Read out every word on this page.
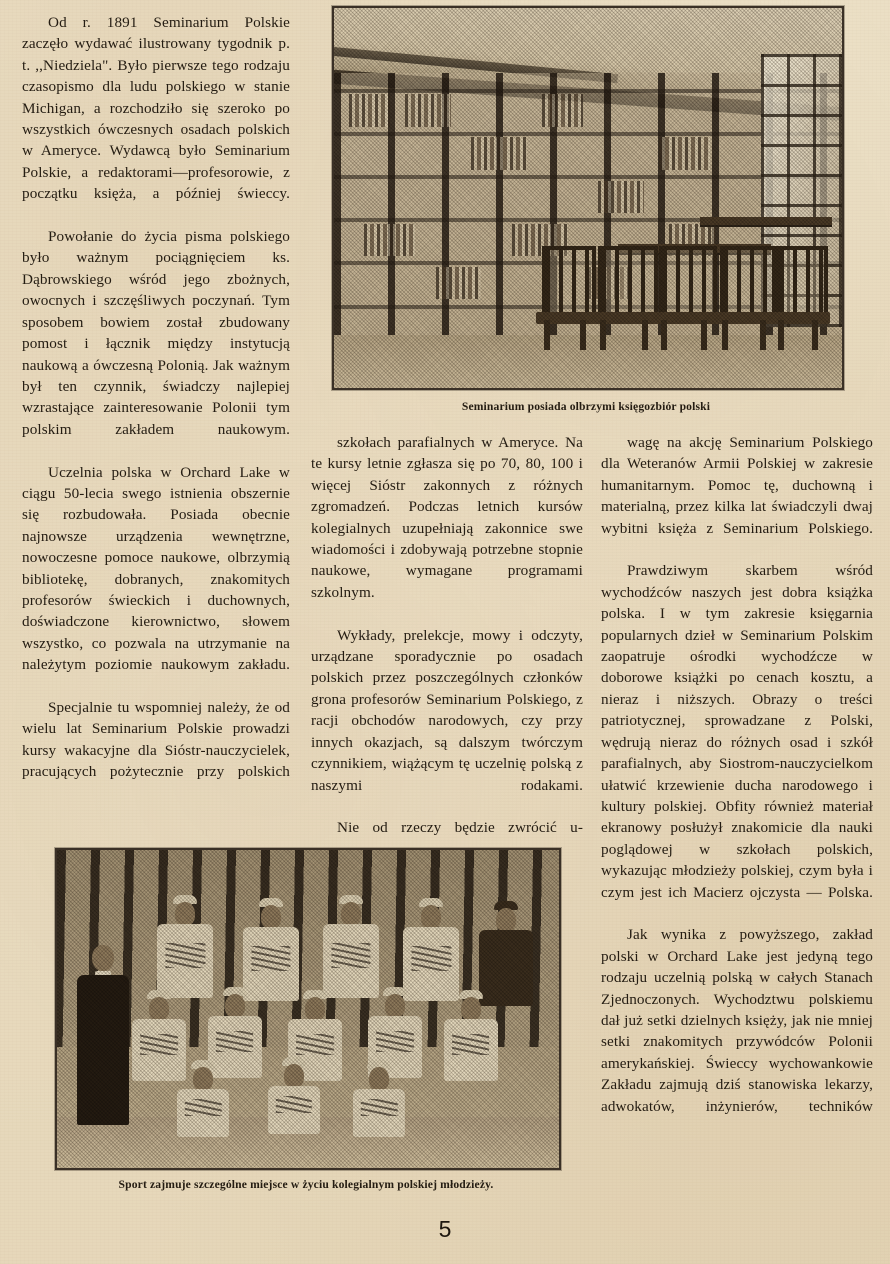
Od r. 1891 Seminarium Polskie zaczęło wydawać ilustrowany tygodnik p. t. ,,Niedziela". Było pierwsze tego rodzaju czasopismo dla ludu polskiego w stanie Michigan, a rozchodziło się szeroko po wszystkich ówczesnych osadach polskich w Ameryce. Wydawcą było Seminarium Polskie, a redaktorami—profesorowie, z początku księża, a później świeccy.

Powołanie do życia pisma polskiego było ważnym pociągnięciem ks. Dąbrowskiego wśród jego zbożnych, owocnych i szczęśliwych poczynań. Tym sposobem bowiem został zbudowany pomost i łącznik między instytucją naukową a ówczesną Polonią. Jak ważnym był ten czynnik, świadczy najlepiej wzrastające zainteresowanie Polonii tym polskim zakładem naukowym.

Uczelnia polska w Orchard Lake w ciągu 50-lecia swego istnienia obszernie się rozbudowała. Posiada obecnie najnowsze urządzenia wewnętrzne, nowoczesne pomoce naukowe, olbrzymią bibliotekę, dobranych, znakomitych profesorów świeckich i duchownych, doświadczone kierownictwo, słowem wszystko, co pozwala na utrzymanie na należytym poziomie naukowym zakładu.

Specjalnie tu wspomniej należy, że od wielu lat Seminarium Polskie prowadzi kursy wakacyjne dla Sióstr-nauczycielek, pracujących pożytecznie przy polskich

Seminarium posiada olbrzymi księgozbiór polski

szkołach parafialnych w Ameryce. Na te kursy letnie zgłasza się po 70, 80, 100 i więcej Sióstr zakonnych z różnych zgromadzeń. Podczas letnich kursów kolegialnych uzupełniają zakonnice swe wiadomości i zdobywają potrzebne stopnie naukowe, wymagane programami szkolnym.

Wykłady, prelekcje, mowy i odczyty, urządzane sporadycznie po osadach polskich przez poszczególnych członków grona profesorów Seminarium Polskiego, z racji obchodów narodowych, czy przy innych okazjach, są dalszym twórczym czynnikiem, wiążącym tę uczelnię polską z naszymi rodakami.

Nie od rzeczy będzie zwrócić u-

wagę na akcję Seminarium Polskiego dla Weteranów Armii Polskiej w zakresie humanitarnym. Pomoc tę, duchowną i materialną, przez kilka lat świadczyli dwaj wybitni księża z Seminarium Polskiego.

Prawdziwym skarbem wśród wychodźców naszych jest dobra książka polska. I w tym zakresie księgarnia popularnych dzieł w Seminarium Polskim zaopatruje ośrodki wychodźcze w doborowe książki po cenach kosztu, a nieraz i niższych. Obrazy o treści patriotycznej, sprowadzane z Polski, wędrują nieraz do różnych osad i szkół parafialnych, aby Siostrom-nauczycielkom ułatwić krzewienie ducha narodowego i kultury polskiej. Obfity również materiał ekranowy posłużył znakomicie dla nauki poglądowej w szkołach polskich, wykazując młodzieży polskiej, czym była i czym jest ich Macierz ojczysta — Polska.

Jak wynika z powyższego, zakład polski w Orchard Lake jest jedyną tego rodzaju uczelnią polską w całych Stanach Zjednoczonych. Wychodztwu polskiemu dał już setki dzielnych księży, jak nie mniej setki znakomitych przywódców Polonii amerykańskiej. Świeccy wychowankowie Zakładu zajmują dziś stanowiska lekarzy, adwokatów, inżynierów, techników

Sport zajmuje szczególne miejsce w życiu kolegialnym polskiej młodzieży.
5
